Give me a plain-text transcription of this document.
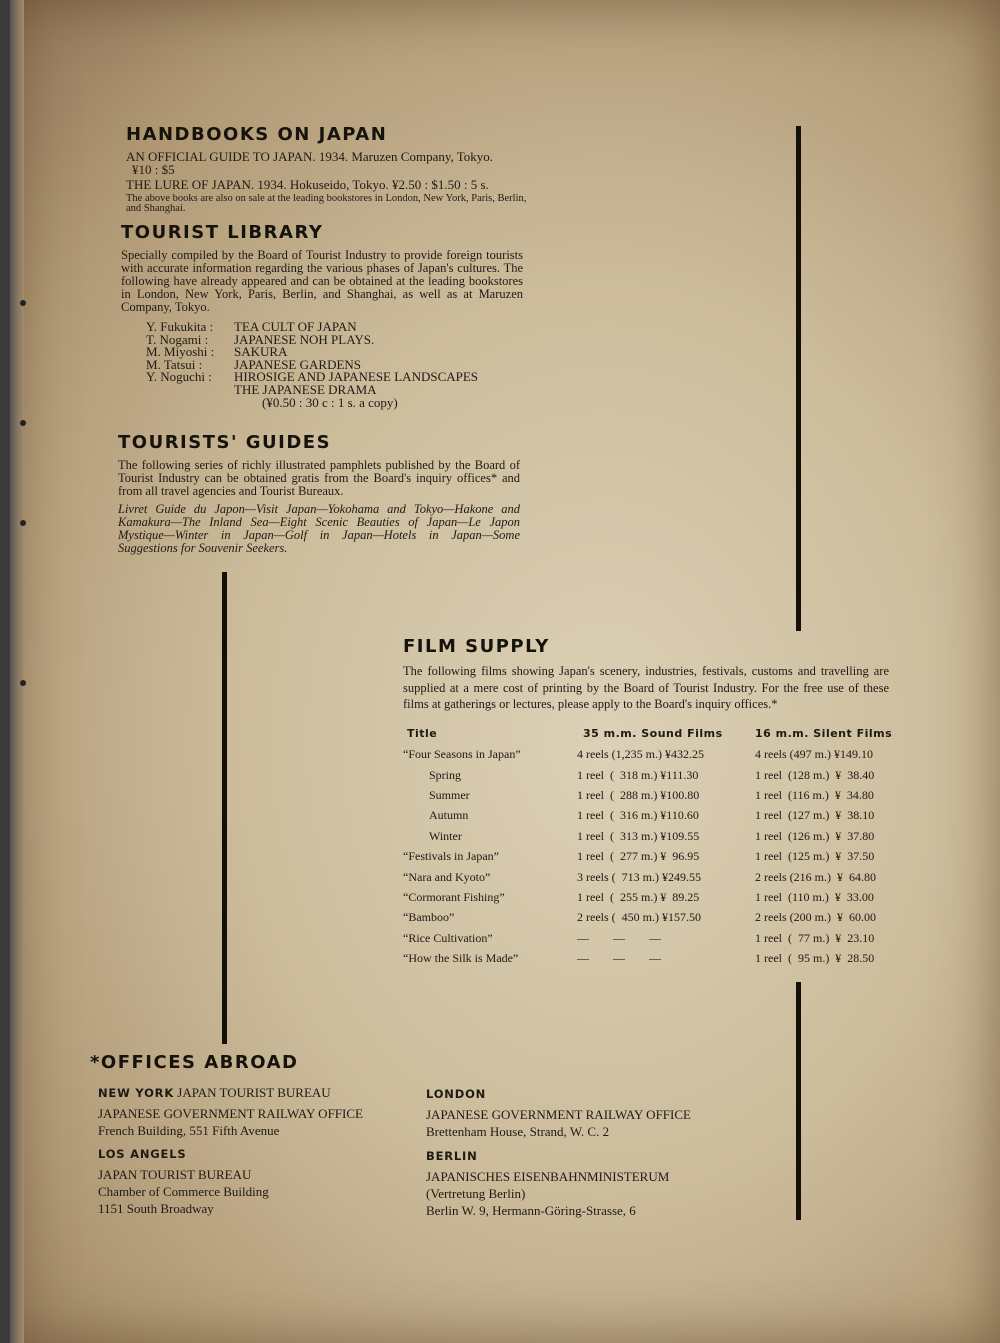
HANDBOOKS ON JAPAN

AN OFFICIAL GUIDE TO JAPAN. 1934. Maruzen Company, Tokyo.

¥10 : $5

THE LURE OF JAPAN. 1934. Hokuseido, Tokyo. ¥2.50 : $1.50 : 5 s.

The above books are also on sale at the leading bookstores in London, New York, Paris, Berlin, and Shanghai.

TOURIST LIBRARY

Specially compiled by the Board of Tourist Industry to provide foreign tourists with accurate information regarding the various phases of Japan's cultures. The following have already appeared and can be obtained at the leading bookstores in London, New York, Paris, Berlin, and Shanghai, as well as at Maruzen Company, Tokyo.

Y. Fukukita :	TEA CULT OF JAPAN
T. Nogami :	JAPANESE NOH PLAYS.
M. Miyoshi :	SAKURA
M. Tatsui :	JAPANESE GARDENS
Y. Noguchi :	HIROSIGE AND JAPANESE LANDSCAPES
THE JAPANESE DRAMA
(¥0.50 : 30 c : 1 s. a copy)
TOURISTS' GUIDES

The following series of richly illustrated pamphlets published by the Board of Tourist Industry can be obtained gratis from the Board's inquiry offices* and from all travel agencies and Tourist Bureaux.

Livret Guide du Japon—Visit Japan—Yokohama and Tokyo—Hakone and Kamakura—The Inland Sea—Eight Scenic Beauties of Japan—Le Japon Mystique—Winter in Japan—Golf in Japan—Hotels in Japan—Some Suggestions for Souvenir Seekers.

FILM SUPPLY

The following films showing Japan's scenery, industries, festivals, customs and travelling are supplied at a mere cost of printing by the Board of Tourist Industry. For the free use of these films at gatherings or lectures, please apply to the Board's inquiry offices.*

Title	35 m.m. Sound Films	16 m.m. Silent Films
“Four Seasons in Japan”	4 reels (1,235 m.) ¥432.25	4 reels (497 m.) ¥149.10
Spring	1 reel  (  318 m.) ¥111.30	1 reel  (128 m.)  ¥  38.40
Summer	1 reel  (  288 m.) ¥100.80	1 reel  (116 m.)  ¥  34.80
Autumn	1 reel  (  316 m.) ¥110.60	1 reel  (127 m.)  ¥  38.10
Winter	1 reel  (  313 m.) ¥109.55	1 reel  (126 m.)  ¥  37.80
“Festivals in Japan”	1 reel  (  277 m.) ¥  96.95	1 reel  (125 m.)  ¥  37.50
“Nara and Kyoto”	3 reels (  713 m.) ¥249.55	2 reels (216 m.)  ¥  64.80
“Cormorant Fishing”	1 reel  (  255 m.) ¥  89.25	1 reel  (110 m.)  ¥  33.00
“Bamboo”	2 reels (  450 m.) ¥157.50	2 reels (200 m.)  ¥  60.00
“Rice Cultivation”	—        —        —	1 reel  (  77 m.)  ¥  23.10
“How the Silk is Made”	—        —        —	1 reel  (  95 m.)  ¥  28.50
*OFFICES ABROAD
NEW YORK JAPAN TOURIST BUREAU
JAPANESE GOVERNMENT RAILWAY OFFICE
French Building, 551 Fifth Avenue
LOS ANGELS
JAPAN TOURIST BUREAU
Chamber of Commerce Building
1151 South Broadway
LONDON
JAPANESE GOVERNMENT RAILWAY OFFICE
Brettenham House, Strand, W. C. 2
BERLIN
JAPANISCHES EISENBAHNMINISTERUM
(Vertretung Berlin)
Berlin W. 9, Hermann-Göring-Strasse, 6
